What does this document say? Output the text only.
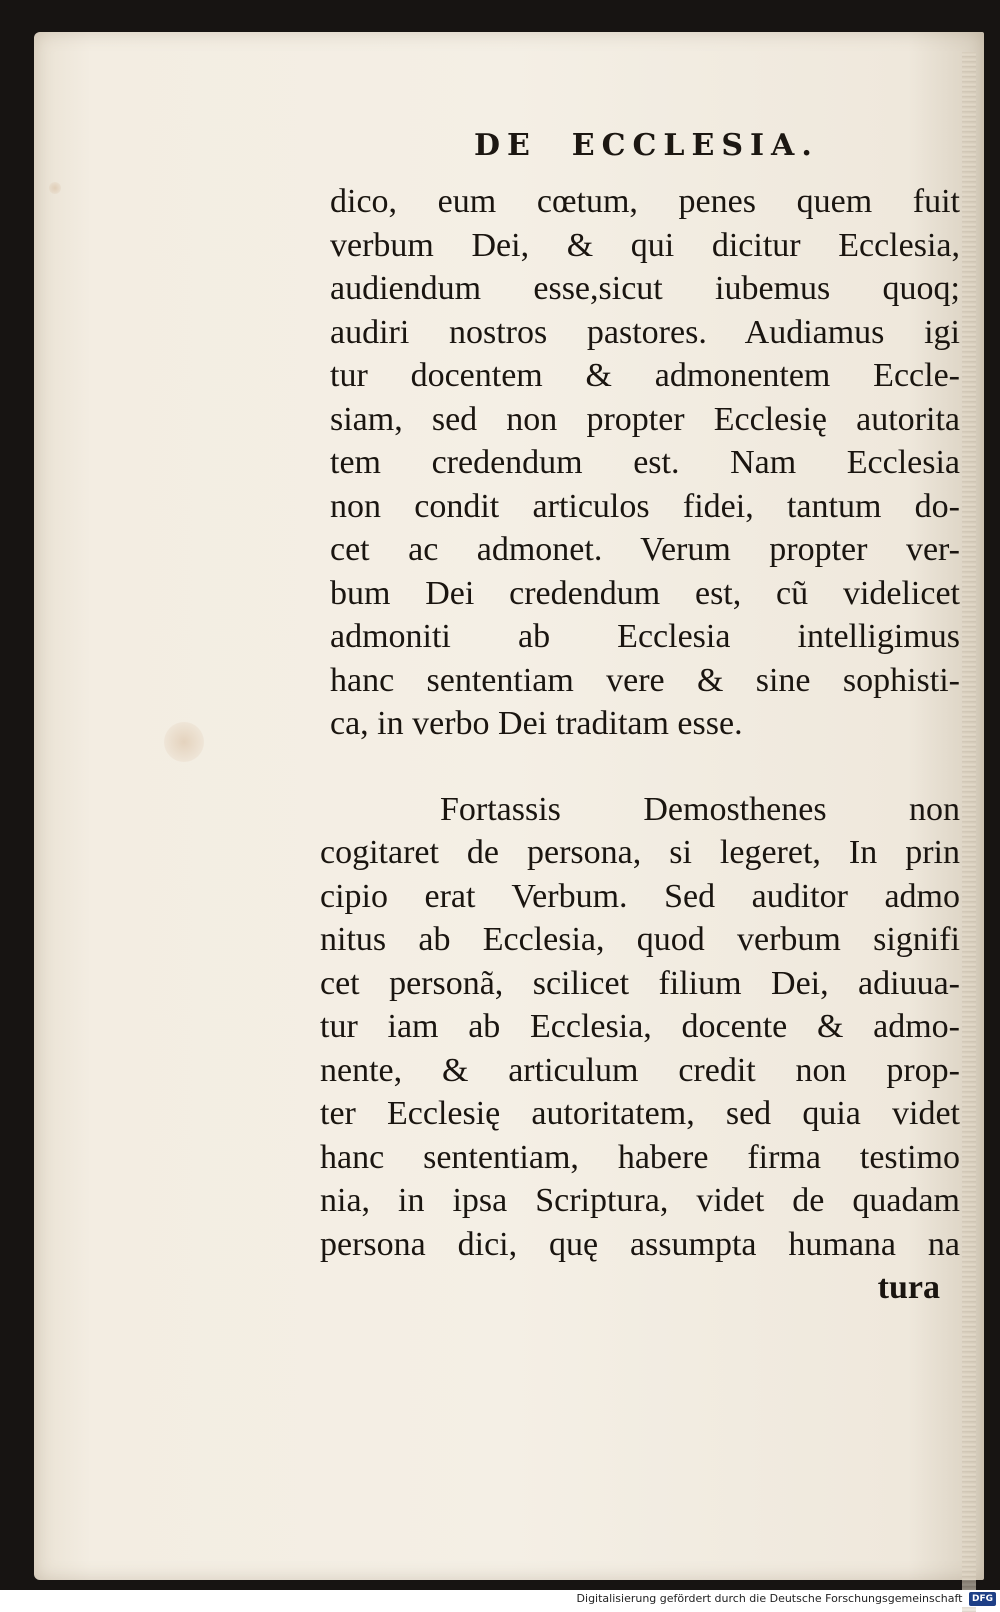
DE  ECCLESIA.
dico, eum cœtum, penes quem fuit
verbum Dei, & qui dicitur Ecclesia,
audiendum esse,sicut iubemus quoq;
audiri nostros pastores. Audiamus igi
tur docentem & admonentem Eccle-
siam, sed non propter Ecclesię autorita
tem credendum est. Nam Ecclesia
non condit articulos fidei, tantum do-
cet ac admonet. Verum propter ver-
bum Dei credendum est, cũ videlicet
admoniti ab Ecclesia intelligimus
hanc sententiam vere & sine sophisti-
ca, in verbo Dei traditam esse.
Fortassis Demosthenes non
cogitaret de persona, si legeret, In prin
cipio erat Verbum. Sed auditor admo
nitus ab Ecclesia, quod verbum signifi
cet personã, scilicet filium Dei, adiuua-
tur iam ab Ecclesia, docente & admo-
nente, & articulum credit non prop-
ter Ecclesię autoritatem, sed quia videt
hanc sententiam, habere firma testimo
nia, in ipsa Scriptura, videt de quadam
persona dici, quę assumpta humana na
tura
Digitalisierung gefördert durch die Deutsche Forschungsgemeinschaft DFG
